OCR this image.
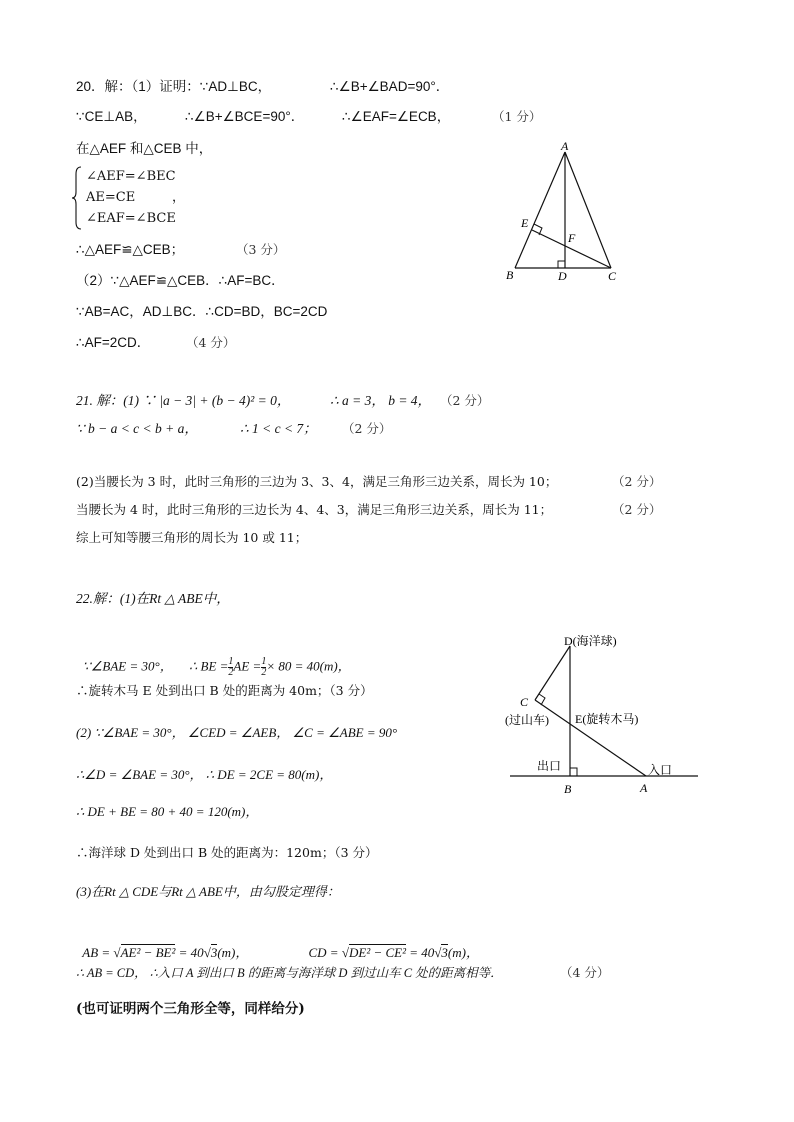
20．解：（1）证明：∵AD⊥BC，	∴∠B+∠BAD=90°．
∵CE⊥AB，	∴∠B+∠BCE=90°．	∴∠EAF=∠ECB，	（1 分）
在△AEF 和△CEB 中，
∠AEF=∠BEC
AE=CE	，
∠EAF=∠BCE
∴△AEF≌△CEB；	（3 分）
（2）∵△AEF≌△CEB．∴AF=BC．
∵AB=AC，AD⊥BC．∴CD=BD，BC=2CD
∴AF=2CD．	（4 分）
A
E
F
B	D	C
21. 解：(1) ∵ |a − 3| + (b − 4)² = 0，	∴ a = 3， b = 4， （2 分）
∵ b − a < c < b + a，	∴ 1 < c < 7； （2 分）
(2)当腰长为 3 时，此时三角形的三边为 3、3、4，满足三角形三边关系，周长为 10；	（2 分）
当腰长为 4 时，此时三角形的三边长为 4、4、3，满足三角形三边关系，周长为 11；	（2 分）
综上可知等腰三角形的周长为 10 或 11；
22.解：(1)在Rt △ ABE中，

∵∠BAE = 30°， ∴ BE = $\frac{1}{2}$ AE = $\frac{1}{2} \times 80 = 40(m)$，

∴旋转木马 E 处到出口 B 处的距离为 40m；（3 分）
(2) ∵∠BAE = 30°， ∠CED = ∠AEB， ∠C = ∠ABE = 90°
∴∠D = ∠BAE = 30°， ∴ DE = 2CE = 80(m)，
∴ DE + BE = 80 + 40 = 120(m)，
∴海洋球 D 处到出口 B 处的距离为：120m；（3 分）
(3)在Rt △ CDE与Rt △ ABE中，由勾股定理得：

AB = √AE² − BE² = 40√3(m)，	CD = √DE² − CE² = 40√3(m)，

∴ AB = CD， ∴入口 A 到出口 B 的距离与海洋球 D 到过山车 C 处的距离相等．	（4 分）
(也可证明两个三角形全等，同样给分)
D(海洋球)
C
(过山车) E(旋转木马)
出口	入口
B	A
